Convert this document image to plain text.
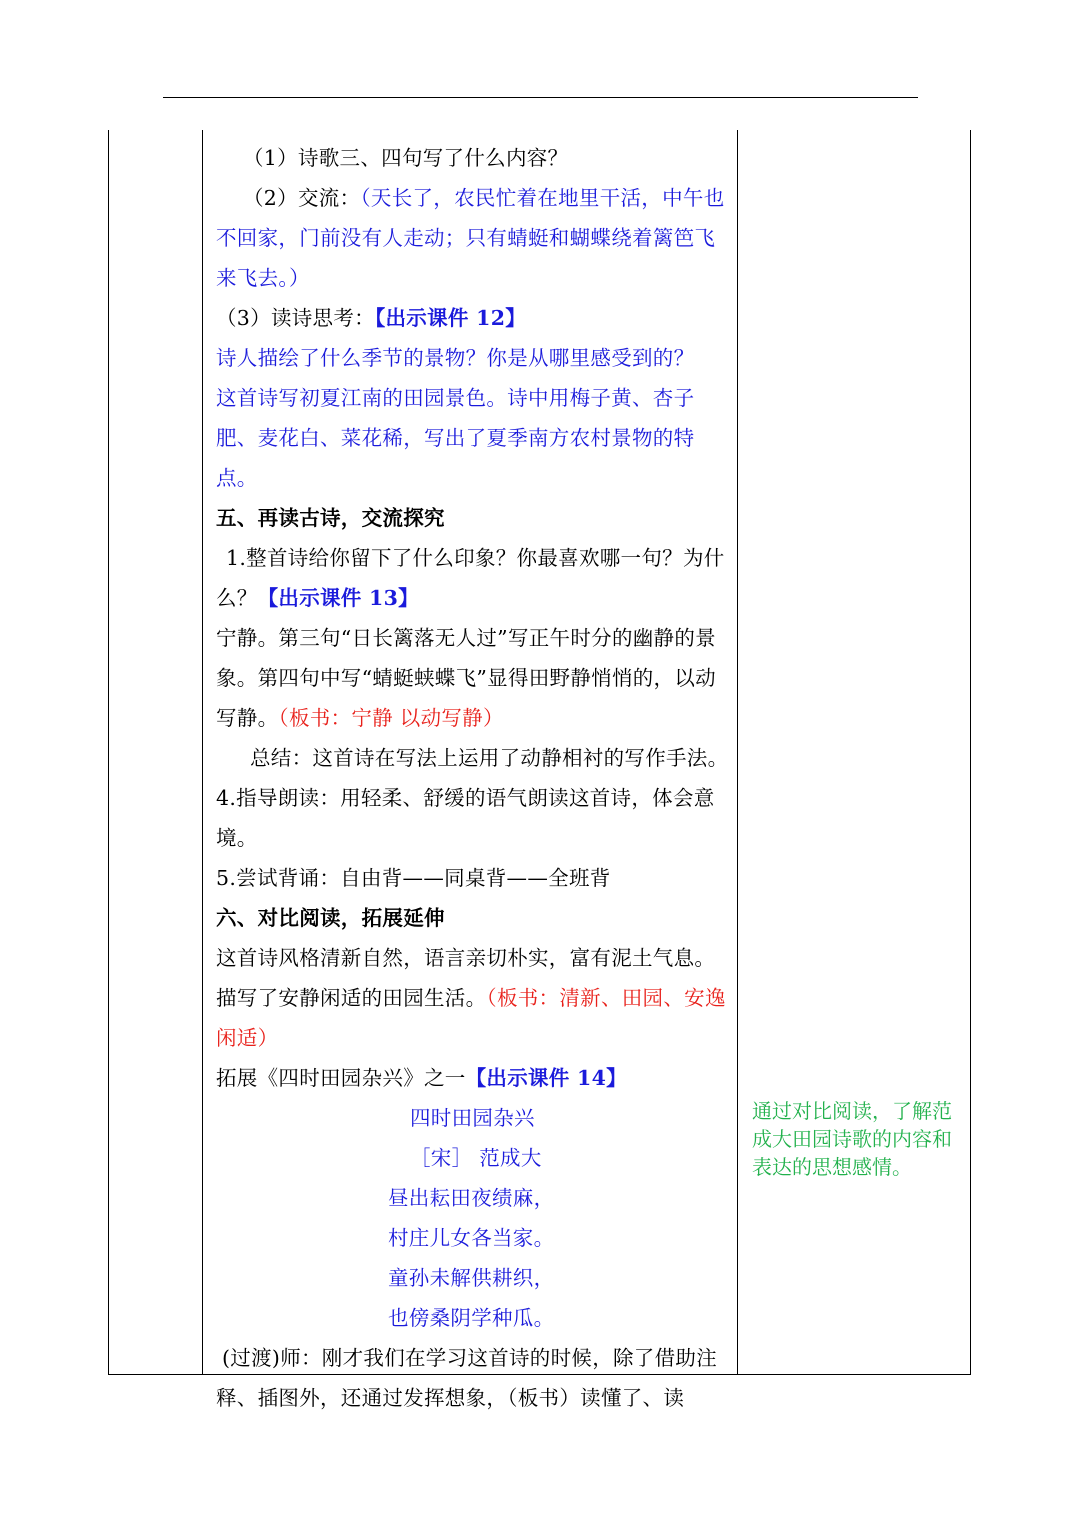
（1）诗歌三、四句写了什么内容？

（2）交流：（天长了，农民忙着在地里干活，中午也不回家，门前没有人走动；只有蜻蜓和蝴蝶绕着篱笆飞来飞去。）

（3）读诗思考：【出示课件 12】

诗人描绘了什么季节的景物？你是从哪里感受到的？

这首诗写初夏江南的田园景色。诗中用梅子黄、杏子肥、麦花白、菜花稀，写出了夏季南方农村景物的特点。

五、再读古诗，交流探究

1.整首诗给你留下了什么印象？你最喜欢哪一句？为什么？【出示课件 13】

宁静。第三句“日长篱落无人过”写正午时分的幽静的景象。第四句中写“蜻蜓蛱蝶飞”显得田野静悄悄的，以动写静。（板书：宁静 以动写静）

总结：这首诗在写法上运用了动静相衬的写作手法。

4.指导朗读：用轻柔、舒缓的语气朗读这首诗，体会意境。

5.尝试背诵：自由背——同桌背——全班背

六、对比阅读，拓展延伸

这首诗风格清新自然，语言亲切朴实，富有泥土气息。描写了安静闲适的田园生活。（板书：清新、田园、安逸闲适）

拓展《四时田园杂兴》之一【出示课件 14】

四时田园杂兴

［宋］ 范成大

昼出耘田夜绩麻，

村庄儿女各当家。

童孙未解供耕织，

也傍桑阴学种瓜。

(过渡)师：刚才我们在学习这首诗的时候，除了借助注释、插图外，还通过发挥想象，（板书）读懂了、读

通过对比阅读，了解范成大田园诗歌的内容和表达的思想感情。
